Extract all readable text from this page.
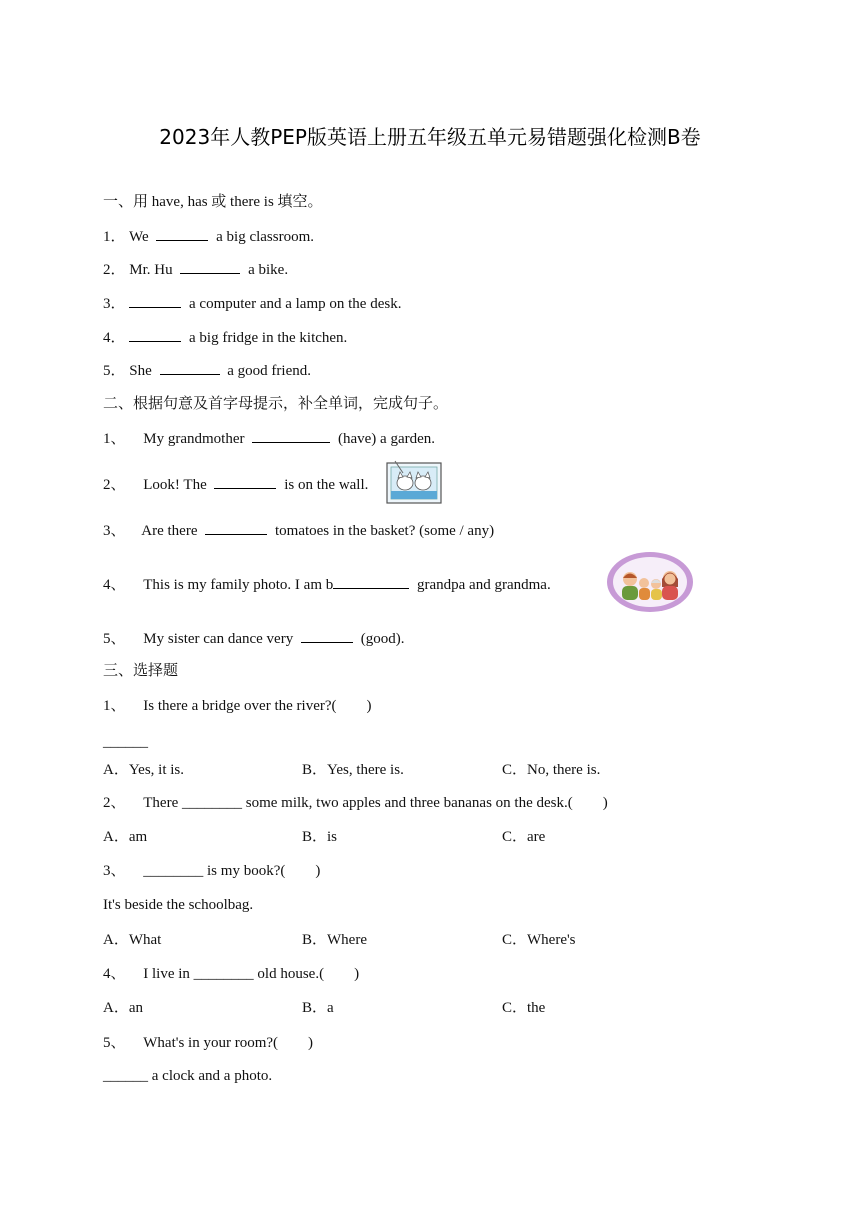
2023年人教PEP版英语上册五年级五单元易错题强化检测B卷
一、用 have, has 或 there is 填空。
1． We	a big classroom.
2． Mr. Hu	a bike.
3．	a computer and a lamp on the desk.
4．	a big fridge in the kitchen.
5． She	a good friend.
二、根据句意及首字母提示，补全单词，完成句子。
1、 My grandmother	(have) a garden.
2、 Look! The	is on the wall.
3、 Are there	tomatoes in the basket? (some / any)
4、 This is my family photo. I am b	grandpa and grandma.
5、 My sister can dance very	(good).
三、选择题
1、 Is there a bridge over the river?(　　)
______
A．Yes, it is.	B．Yes, there is.	C．No, there is.
2、 There ________ some milk, two apples and three bananas on the desk.(　　)
A．am	B．is	C．are
3、 ________ is my book?(　　)
It's beside the schoolbag.
A．What	B．Where	C．Where's
4、 I live in ________ old house.(　　)
A．an	B．a	C．the
5、 What's in your room?(　　)
______ a clock and a photo.
